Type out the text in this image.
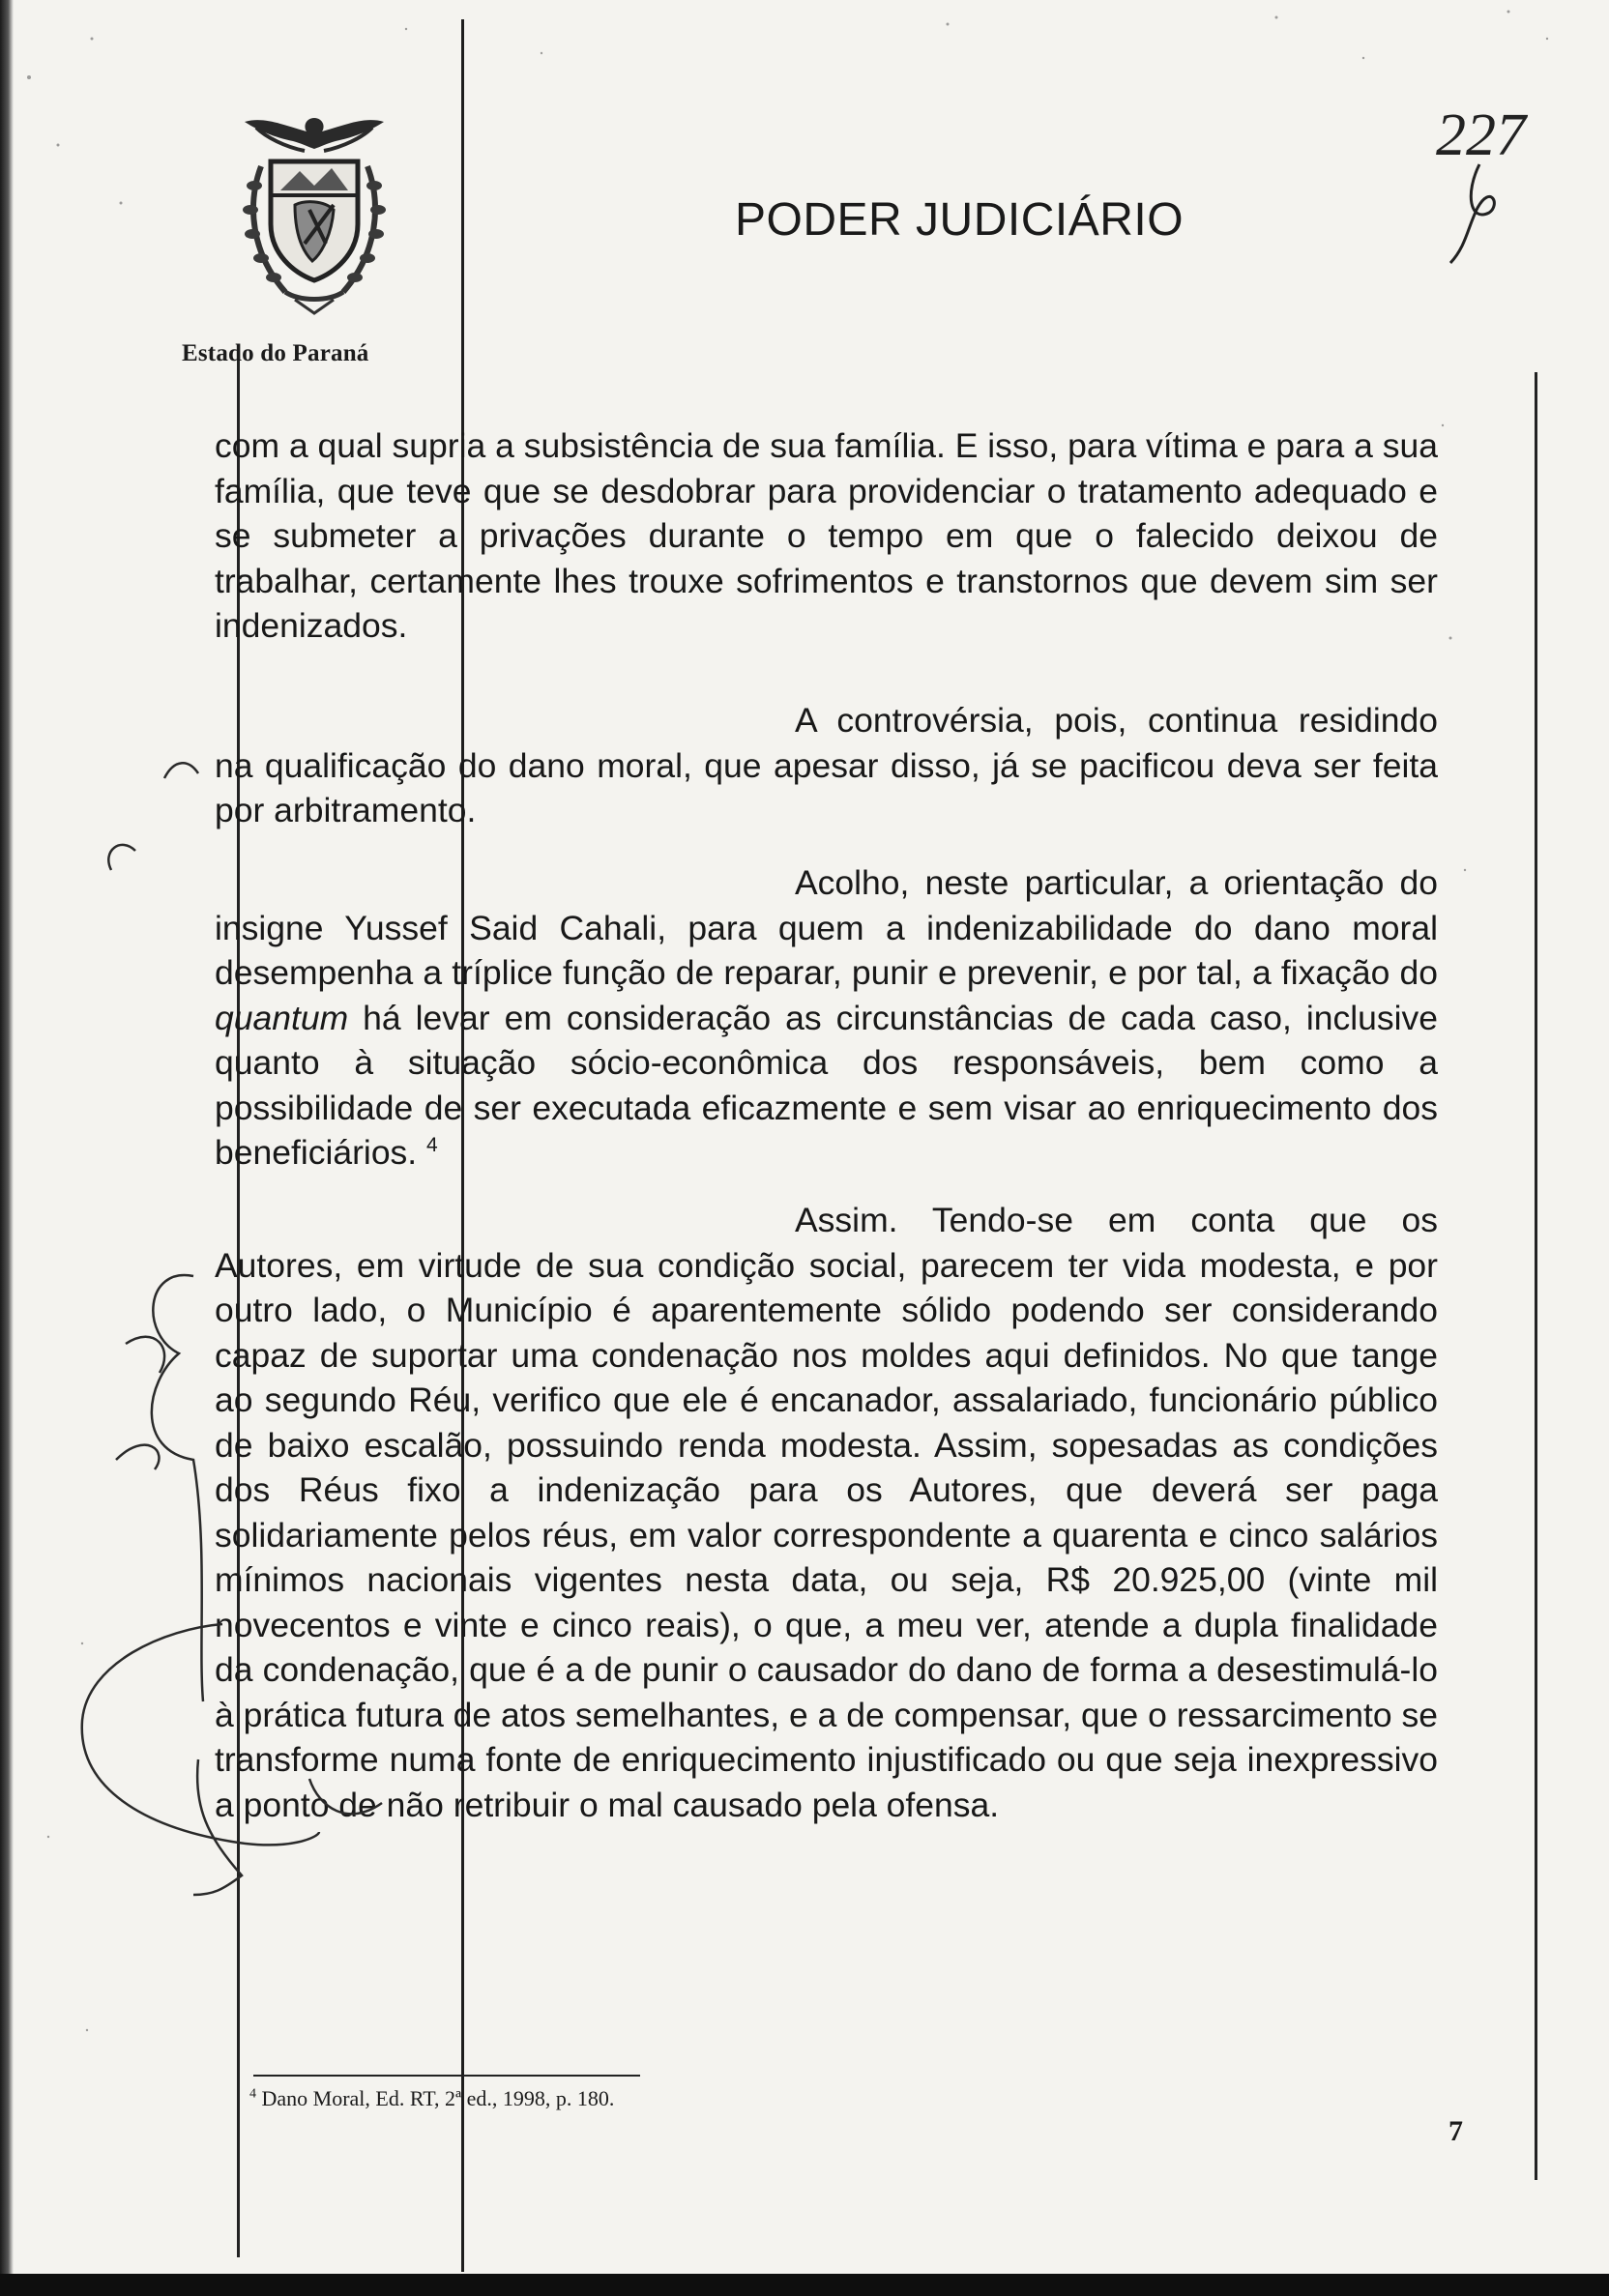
Estado do Paraná
PODER JUDICIÁRIO
227

com a qual supria a subsistência de sua família. E isso, para vítima e para a sua família, que teve que se desdobrar para providenciar o tratamento adequado e se submeter a privações durante o tempo em que o falecido deixou de trabalhar, certamente lhes trouxe sofrimentos e transtornos que devem sim ser indenizados.

A controvérsia, pois, continua residindo na qualificação do dano moral, que apesar disso, já se pacificou deva ser feita por arbitramento.

Acolho, neste particular, a orientação do insigne Yussef Said Cahali, para quem a indenizabilidade do dano moral desempenha a tríplice função de reparar, punir e prevenir, e por tal, a fixação do quantum há levar em consideração as circunstâncias de cada caso, inclusive quanto à situação sócio-econômica dos responsáveis, bem como a possibilidade de ser executada eficazmente e sem visar ao enriquecimento dos beneficiários. $^4$

Assim. Tendo-se em conta que os Autores, em virtude de sua condição social, parecem ter vida modesta, e por outro lado, o Município é aparentemente sólido podendo ser considerando capaz de suportar uma condenação nos moldes aqui definidos. No que tange ao segundo Réu, verifico que ele é encanador, assalariado, funcionário público de baixo escalão, possuindo renda modesta. Assim, sopesadas as condições dos Réus fixo a indenização para os Autores, que deverá ser paga solidariamente pelos réus, em valor correspondente a quarenta e cinco salários mínimos nacionais vigentes nesta data, ou seja, R$ 20.925,00 (vinte mil novecentos e vinte e cinco reais), o que, a meu ver, atende a dupla finalidade da condenação, que é a de punir o causador do dano de forma a desestimulá-lo à prática futura de atos semelhantes, e a de compensar, que o ressarcimento se transforme numa fonte de enriquecimento injustificado ou que seja inexpressivo a ponto de não retribuir o mal causado pela ofensa.

$^4$ Dano Moral, Ed. RT, 2ª ed., 1998, p. 180.
7
